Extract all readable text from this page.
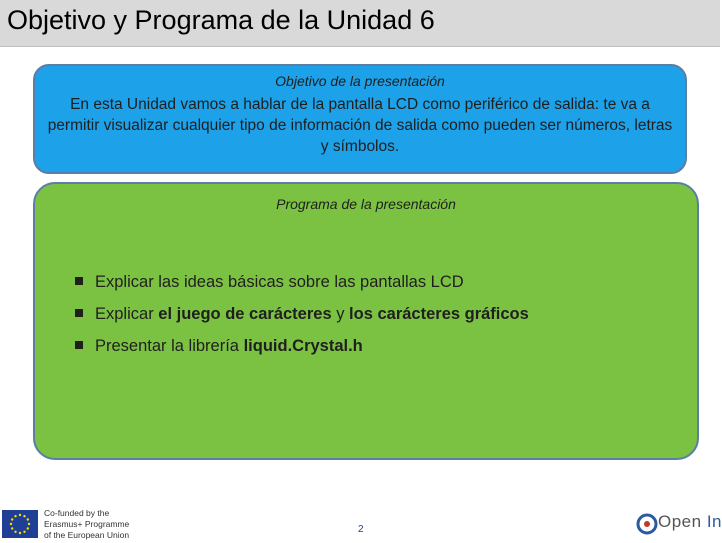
Objetivo y Programa de la Unidad 6
Objetivo de la presentación
En esta Unidad vamos a hablar de la pantalla LCD como periférico de salida: te va a permitir visualizar cualquier tipo de información de salida como pueden ser números, letras y símbolos.
Programa de la presentación
Explicar las ideas básicas sobre las pantallas LCD
Explicar el juego de carácteres y los carácteres gráficos
Presentar la librería liquid.Crystal.h
Co-funded by the
Erasmus+ Programme
of the European Union	2	Open In
